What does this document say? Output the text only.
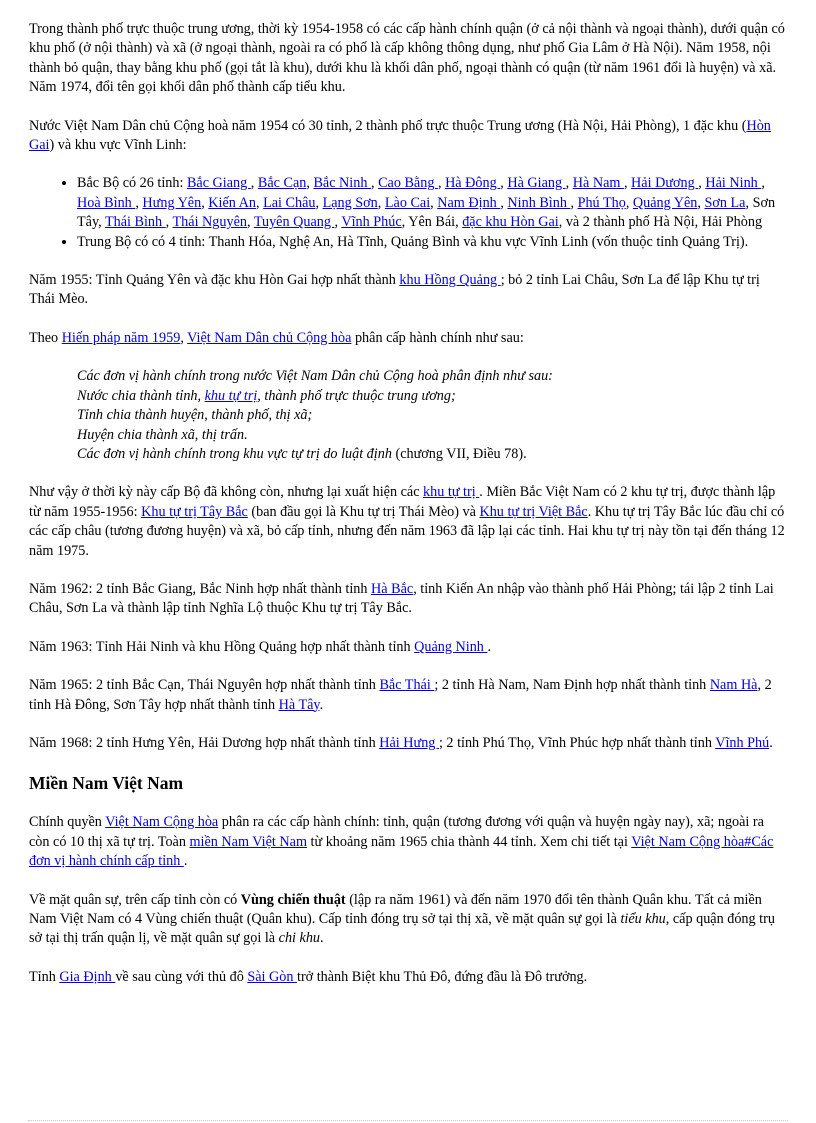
Trong thành phố trực thuộc trung ương, thời kỳ 1954-1958 có các cấp hành chính quận (ở cả nội thành và ngoại thành), dưới quận có khu phố (ở nội thành) và xã (ở ngoại thành, ngoài ra có phố là cấp không thông dụng, như phố Gia Lâm ở Hà Nội). Năm 1958, nội thành bỏ quận, thay bằng khu phố (gọi tắt là khu), dưới khu là khối dân phố, ngoại thành có quận (từ năm 1961 đổi là huyện) và xã. Năm 1974, đổi tên gọi khối dân phố thành cấp tiểu khu.

Nước Việt Nam Dân chủ Cộng hoà năm 1954 có 30 tỉnh, 2 thành phố trực thuộc Trung ương (Hà Nội, Hải Phòng), 1 đặc khu (Hòn Gai) và khu vực Vĩnh Linh:

• Bắc Bộ có 26 tỉnh: Bắc Giang , Bắc Cạn, Bắc Ninh , Cao Bằng , Hà Đông , Hà Giang , Hà Nam , Hải Dương , Hải Ninh , Hoà Bình , Hưng Yên, Kiến An, Lai Châu, Lạng Sơn, Lào Cai, Nam Định , Ninh Bình , Phú Thọ, Quảng Yên, Sơn La, Sơn Tây, Thái Bình , Thái Nguyên, Tuyên Quang , Vĩnh Phúc, Yên Bái, đặc khu Hòn Gai, và 2 thành phố Hà Nội, Hải Phòng
• Trung Bộ có có 4 tỉnh: Thanh Hóa, Nghệ An, Hà Tĩnh, Quảng Bình và khu vực Vĩnh Linh (vốn thuộc tỉnh Quảng Trị).

Năm 1955: Tỉnh Quảng Yên và đặc khu Hòn Gai hợp nhất thành khu Hồng Quảng ; bỏ 2 tỉnh Lai Châu, Sơn La để lập Khu tự trị Thái Mèo.

Theo Hiến pháp năm 1959, Việt Nam Dân chủ Cộng hòa phân cấp hành chính như sau:

Các đơn vị hành chính trong nước Việt Nam Dân chủ Cộng hoà phân định như sau:
Nước chia thành tỉnh, khu tự trị, thành phố trực thuộc trung ương;
Tỉnh chia thành huyện, thành phố, thị xã;
Huyện chia thành xã, thị trấn.
Các đơn vị hành chính trong khu vực tự trị do luật định (chương VII, Điều 78).

Như vậy ở thời kỳ này cấp Bộ đã không còn, nhưng lại xuất hiện các khu tự trị . Miền Bắc Việt Nam có 2 khu tự trị, được thành lập từ năm 1955-1956: Khu tự trị Tây Bắc (ban đầu gọi là Khu tự trị Thái Mèo) và Khu tự trị Việt Bắc. Khu tự trị Tây Bắc lúc đầu chỉ có các cấp châu (tương đương huyện) và xã, bỏ cấp tỉnh, nhưng đến năm 1963 đã lập lại các tỉnh. Hai khu tự trị này tồn tại đến tháng 12 năm 1975.

Năm 1962: 2 tỉnh Bắc Giang, Bắc Ninh hợp nhất thành tỉnh Hà Bắc, tỉnh Kiến An nhập vào thành phố Hải Phòng; tái lập 2 tỉnh Lai Châu, Sơn La và thành lập tỉnh Nghĩa Lộ thuộc Khu tự trị Tây Bắc.

Năm 1963: Tỉnh Hải Ninh và khu Hồng Quảng hợp nhất thành tỉnh Quảng Ninh .

Năm 1965: 2 tỉnh Bắc Cạn, Thái Nguyên hợp nhất thành tỉnh Bắc Thái ; 2 tỉnh Hà Nam, Nam Định hợp nhất thành tỉnh Nam Hà, 2 tỉnh Hà Đông, Sơn Tây hợp nhất thành tỉnh Hà Tây.

Năm 1968: 2 tỉnh Hưng Yên, Hải Dương hợp nhất thành tỉnh Hải Hưng ; 2 tỉnh Phú Thọ, Vĩnh Phúc hợp nhất thành tỉnh Vĩnh Phú.

Miền Nam Việt Nam

Chính quyền Việt Nam Cộng hòa phân ra các cấp hành chính: tỉnh, quận (tương đương với quận và huyện ngày nay), xã; ngoài ra còn có 10 thị xã tự trị. Toàn miền Nam Việt Nam từ khoảng năm 1965 chia thành 44 tỉnh. Xem chi tiết tại Việt Nam Cộng hòa#Các đơn vị hành chính cấp tỉnh .

Về mặt quân sự, trên cấp tỉnh còn có Vùng chiến thuật (lập ra năm 1961) và đến năm 1970 đổi tên thành Quân khu. Tất cả miền Nam Việt Nam có 4 Vùng chiến thuật (Quân khu). Cấp tỉnh đóng trụ sở tại thị xã, về mặt quân sự gọi là tiểu khu, cấp quận đóng trụ sở tại thị trấn quận lị, về mặt quân sự gọi là chi khu.

Tỉnh Gia Định về sau cùng với thủ đô Sài Gòn trở thành Biệt khu Thủ Đô, đứng đầu là Đô trưởng.
